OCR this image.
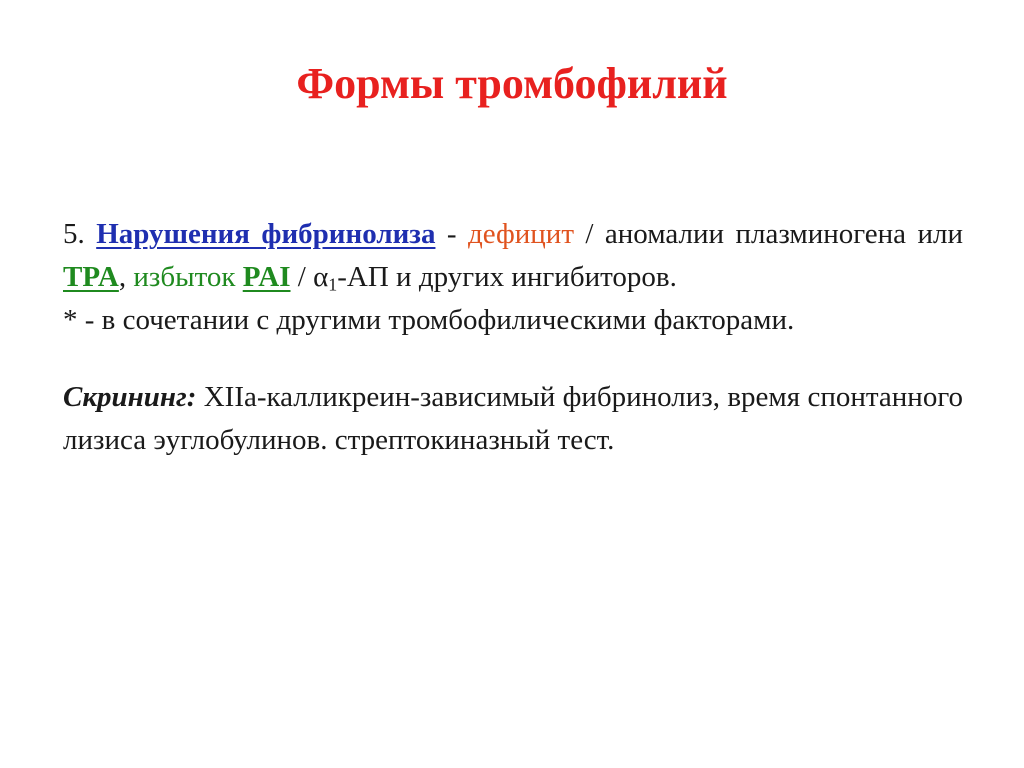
Формы тромбофилий

5. Нарушения фибринолиза - дефицит / аномалии плазминогена или TPA, избыток PAI / $\alpha_1-АП$ и других ингибиторов.

* - в сочетании с другими тромбофилическими факторами.

Скрининг: XIIa-калликреин-зависимый фибринолиз, время спонтанного лизиса эуглобулинов. стрептокиназный тест.
